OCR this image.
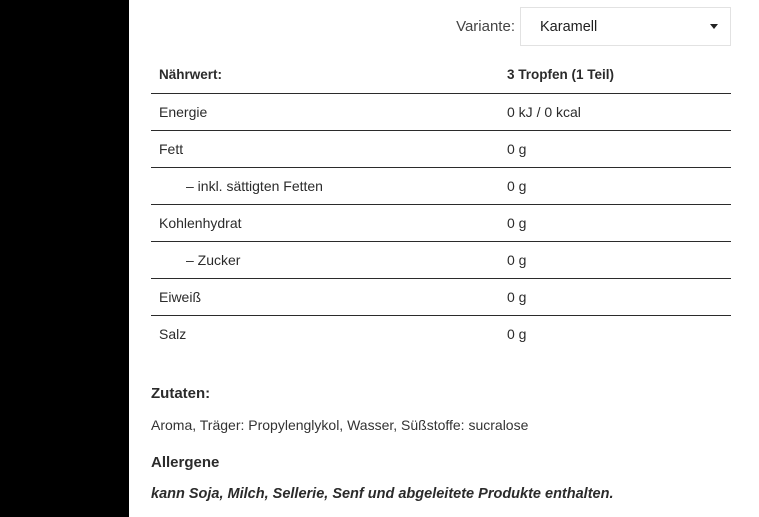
Variante: Karamell
Nährwert:	3 Tropfen (1 Teil)
Energie	0 kJ / 0 kcal
Fett	0 g
– inkl. sättigten Fetten	0 g
Kohlenhydrat	0 g
– Zucker	0 g
Eiweiß	0 g
Salz	0 g
Zutaten:
Aroma, Träger: Propylenglykol, Wasser, Süßstoffe: sucralose
Allergene
kann Soja, Milch, Sellerie, Senf und abgeleitete Produkte enthalten.
